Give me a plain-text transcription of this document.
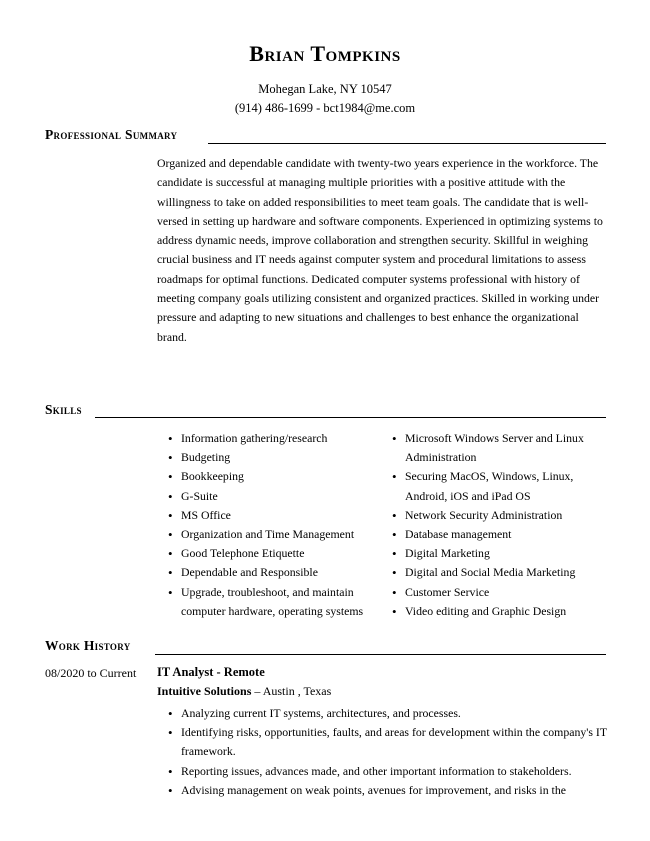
Brian Tompkins
Mohegan Lake, NY 10547
(914) 486-1699 - bct1984@me.com
Professional Summary

Organized and dependable candidate with twenty-two years experience in the workforce. The candidate is successful at managing multiple priorities with a positive attitude with the willingness to take on added responsibilities to meet team goals. The candidate that is well-versed in setting up hardware and software components. Experienced in optimizing systems to address dynamic needs, improve collaboration and strengthen security. Skillful in weighing crucial business and IT needs against computer system and procedural limitations to assess roadmaps for optimal functions. Dedicated computer systems professional with history of meeting company goals utilizing consistent and organized practices. Skilled in working under pressure and adapting to new situations and challenges to best enhance the organizational brand.

Skills
• Information gathering/research
• Budgeting
• Bookkeeping
• G-Suite
• MS Office
• Organization and Time Management
• Good Telephone Etiquette
• Dependable and Responsible
• Upgrade, troubleshoot, and maintain computer hardware, operating systems
• Microsoft Windows Server and Linux Administration
• Securing MacOS, Windows, Linux, Android, iOS and iPad OS
• Network Security Administration
• Database management
• Digital Marketing
• Digital and Social Media Marketing
• Customer Service
• Video editing and Graphic Design
Work History
08/2020 to Current IT Analyst - Remote
Intuitive Solutions – Austin , Texas
• Analyzing current IT systems, architectures, and processes.
• Identifying risks, opportunities, faults, and areas for development within the company's IT framework.
• Reporting issues, advances made, and other important information to stakeholders.
• Advising management on weak points, avenues for improvement, and risks in the
